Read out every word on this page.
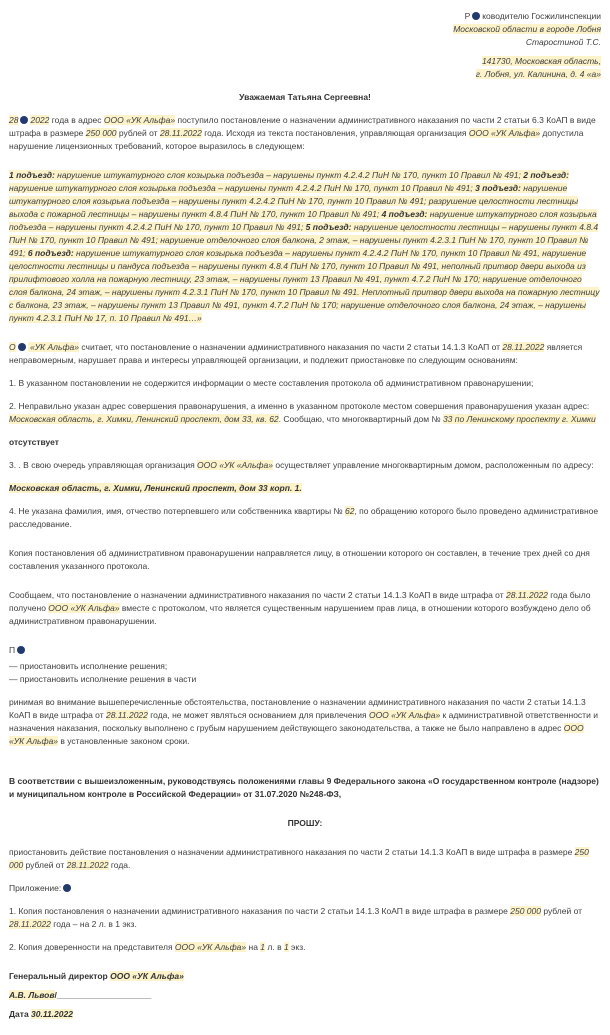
Р ководителю Госжилинспекции
Московской области в городе Лобня
Старостиной Т.С.
141730, Московская область,
г. Лобня, ул. Калинина, д. 4 «а»
Уважаемая Татьяна Сергеевна!
28 2022 года в адрес ООО «УК Альфа» поступило постановление о назначении административного наказания по части 2 статьи 6.3 КоАП в виде штрафа в размере 250 000 рублей от 28.11.2022 года. Исходя из текста постановления, управляющая организация ООО «УК Альфа» допустила нарушение лицензионных требований, которое выразилось в следующем:
1 подъезд: нарушение штукатурного слоя козырька подъезда – нарушены пункт 4.2.4.2 ПиН № 170, пункт 10 Правил № 491; 2 подъезд: нарушение штукатурного слоя козырька подъезда – нарушены пункт 4.2.4.2 ПиН № 170, пункт 10 Правил № 491; 3 подъезд: нарушение штукатурного слоя козырька подъезда – нарушены пункт 4.2.4.2 ПиН № 170, пункт 10 Правил № 491; разрушение целостности лестницы выхода с пожарной лестницы – нарушены пункт 4.8.4 ПиН № 170, пункт 10 Правил № 491; 4 подъезд: нарушение штукатурного слоя козырька подъезда – нарушены пункт 4.2.4.2 ПиН № 170, пункт 10 Правил № 491; 5 подъезд: нарушение целостности лестницы – нарушены пункт 4.8.4 ПиН № 170, пункт 10 Правил № 491; нарушение отделочного слоя балкона, 2 этаж, – нарушены пункт 4.2.3.1 ПиН № 170, пункт 10 Правил № 491; 6 подъезд: нарушение штукатурного слоя козырька подъезда – нарушены пункт 4.2.4.2 ПиН № 170, пункт 10 Правил № 491, нарушение целостности лестницы и пандуса подъезда – нарушены пункт 4.8.4 ПиН № 170, пункт 10 Правил № 491, неполный притвор двери выхода из прилифтового холла на пожарную лестницу, 23 этаж, – нарушены пункт 13 Правил № 491, пункт 4.7.2 ПиН № 170; нарушение отделочного слоя балкона, 24 этаж, – нарушены пункт 4.2.3.1 ПиН № 170, пункт 10 Правил № 491. Неплотный притвор двери выхода на пожарную лестницу с балкона, 23 этаж, – нарушены пункт 13 Правил № 491, пункт 4.7.2 ПиН № 170; нарушение отделочного слоя балкона, 24 этаж, – нарушены пункт 4.2.3.1 ПиН № 17, п. 10 Правил № 491…»
О «УК Альфа» считает, что постановление о назначении административного наказания по части 2 статьи 14.1.3 КоАП от 28.11.2022 является неправомерным, нарушает права и интересы управляющей организации, и подлежит приостановке по следующим основаниям:
1. В указанном постановлении не содержится информации о месте составления протокола об административном правонарушении;
2. Неправильно указан адрес совершения правонарушения, а именно в указанном протоколе местом совершения правонарушения указан адрес: Московская область, г. Химки, Ленинский проспект, дом 33, кв. 62. Сообщаю, что многоквартирный дом № 33 по Ленинскому проспекту г. Химки
отсутствует
3. . В свою очередь управляющая организация ООО «УК «Альфа» осуществляет управление многоквартирным домом, расположенным по адресу:
Московская область, г. Химки, Ленинский проспект, дом 33 корп. 1.
4. Не указана фамилия, имя, отчество потерпевшего или собственника квартиры № 62, по обращению которого было проведено административное расследование.
Копия постановления об административном правонарушении направляется лицу, в отношении которого он составлен, в течение трех дней со дня составления указанного протокола.
Сообщаем, что постановление о назначении административного наказания по части 2 статьи 14.1.3 КоАП в виде штрафа от 28.11.2022 года было получено ООО «УК Альфа» вместе с протоколом, что является существенным нарушением прав лица, в отношении которого возбуждено дело об административном правонарушении.
П
— приостановить исполнение решения;
— приостановить исполнение решения в части
ринимая во внимание вышеперечисленные обстоятельства, постановление о назначении административного наказания по части 2 статьи 14.1.3 КоАП в виде штрафа от 28.11.2022 года, не может являться основанием для привлечения ООО «УК Альфа» к административной ответственности и назначения наказания, поскольку выполнено с грубым нарушением действующего законодательства, а также не было направлено в адрес ООО «УК Альфа» в установленные законом сроки.
В соответствии с вышеизложенным, руководствуясь положениями главы 9 Федерального закона «О государственном контроле (надзоре) и муниципальном контроле в Российской Федерации» от 31.07.2020 №248-ФЗ,
ПРОШУ:
приостановить действие постановления о назначении административного наказания по части 2 статьи 14.1.3 КоАП в виде штрафа в размере 250 000 рублей от 28.11.2022 года.
Приложение:
1. Копия постановления о назначении административного наказания по части 2 статьи 14.1.3 КоАП в виде штрафа в размере 250 000 рублей от 28.11.2022 года – на 2 л. в 1 экз.
2. Копия доверенности на представителя ООО «УК Альфа» на 1 л. в 1 экз.
Генеральный директор ООО «УК Альфа»
А.В. Львов/____________________
Дата 30.11.2022
